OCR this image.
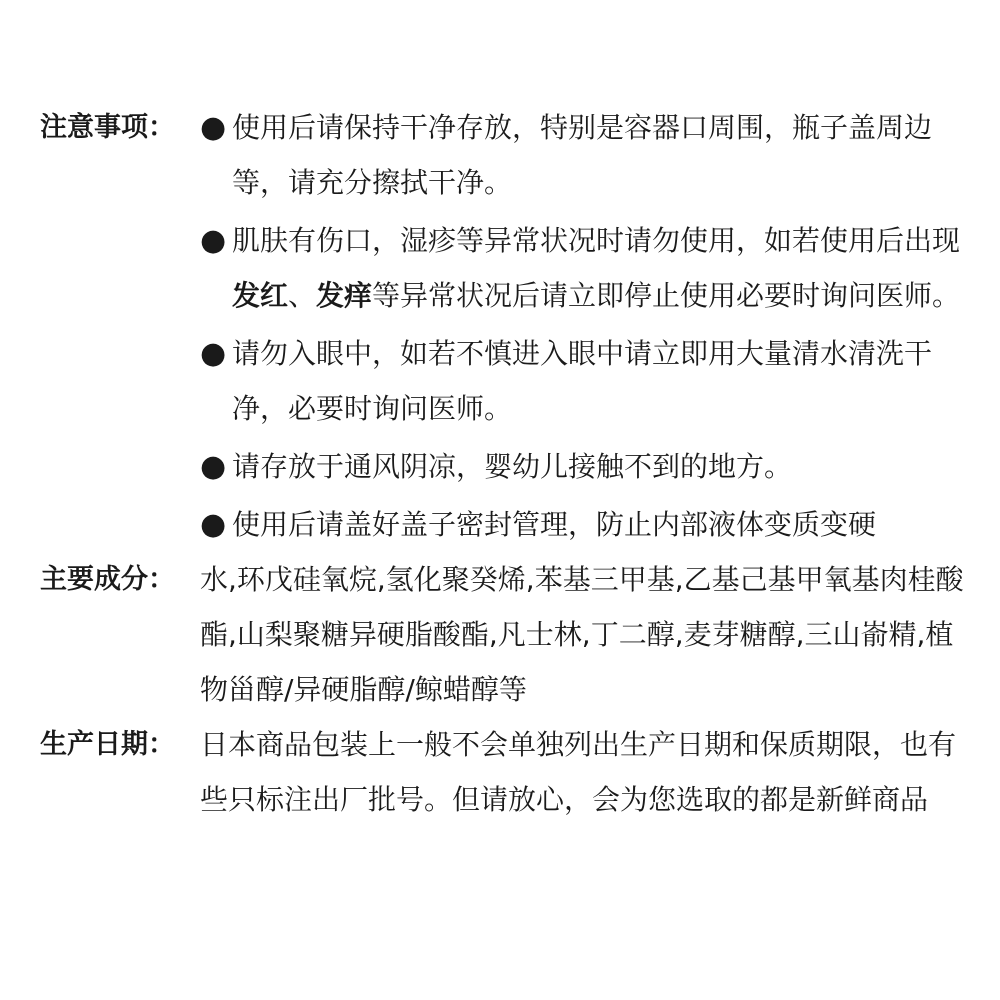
注意事项： ● 使用后请保持干净存放，特别是容器口周围，瓶子盖周边等，请充分擦拭干净。
● 肌肤有伤口，湿疹等异常状况时请勿使用，如若使用后出现 发红、发痒等异常状况后请立即停止使用必要时询问医师。
● 请勿入眼中，如若不慎进入眼中请立即用大量清水清洗干净，必要时询问医师。
● 请存放于通风阴凉，婴幼儿接触不到的地方。
● 使用后请盖好盖子密封管理，防止内部液体变质变硬
主要成分： 水,环戊硅氧烷,氢化聚癸烯,苯基三甲基,乙基己基甲氧基肉桂酸酯,山梨聚糖异硬脂酸酯,凡士林,丁二醇,麦芽糖醇,三山嵛精,植物甾醇/异硬脂醇/鲸蜡醇等
生产日期： 日本商品包装上一般不会单独列出生产日期和保质期限，也有些只标注出厂批号。但请放心，会为您选取的都是新鲜商品
